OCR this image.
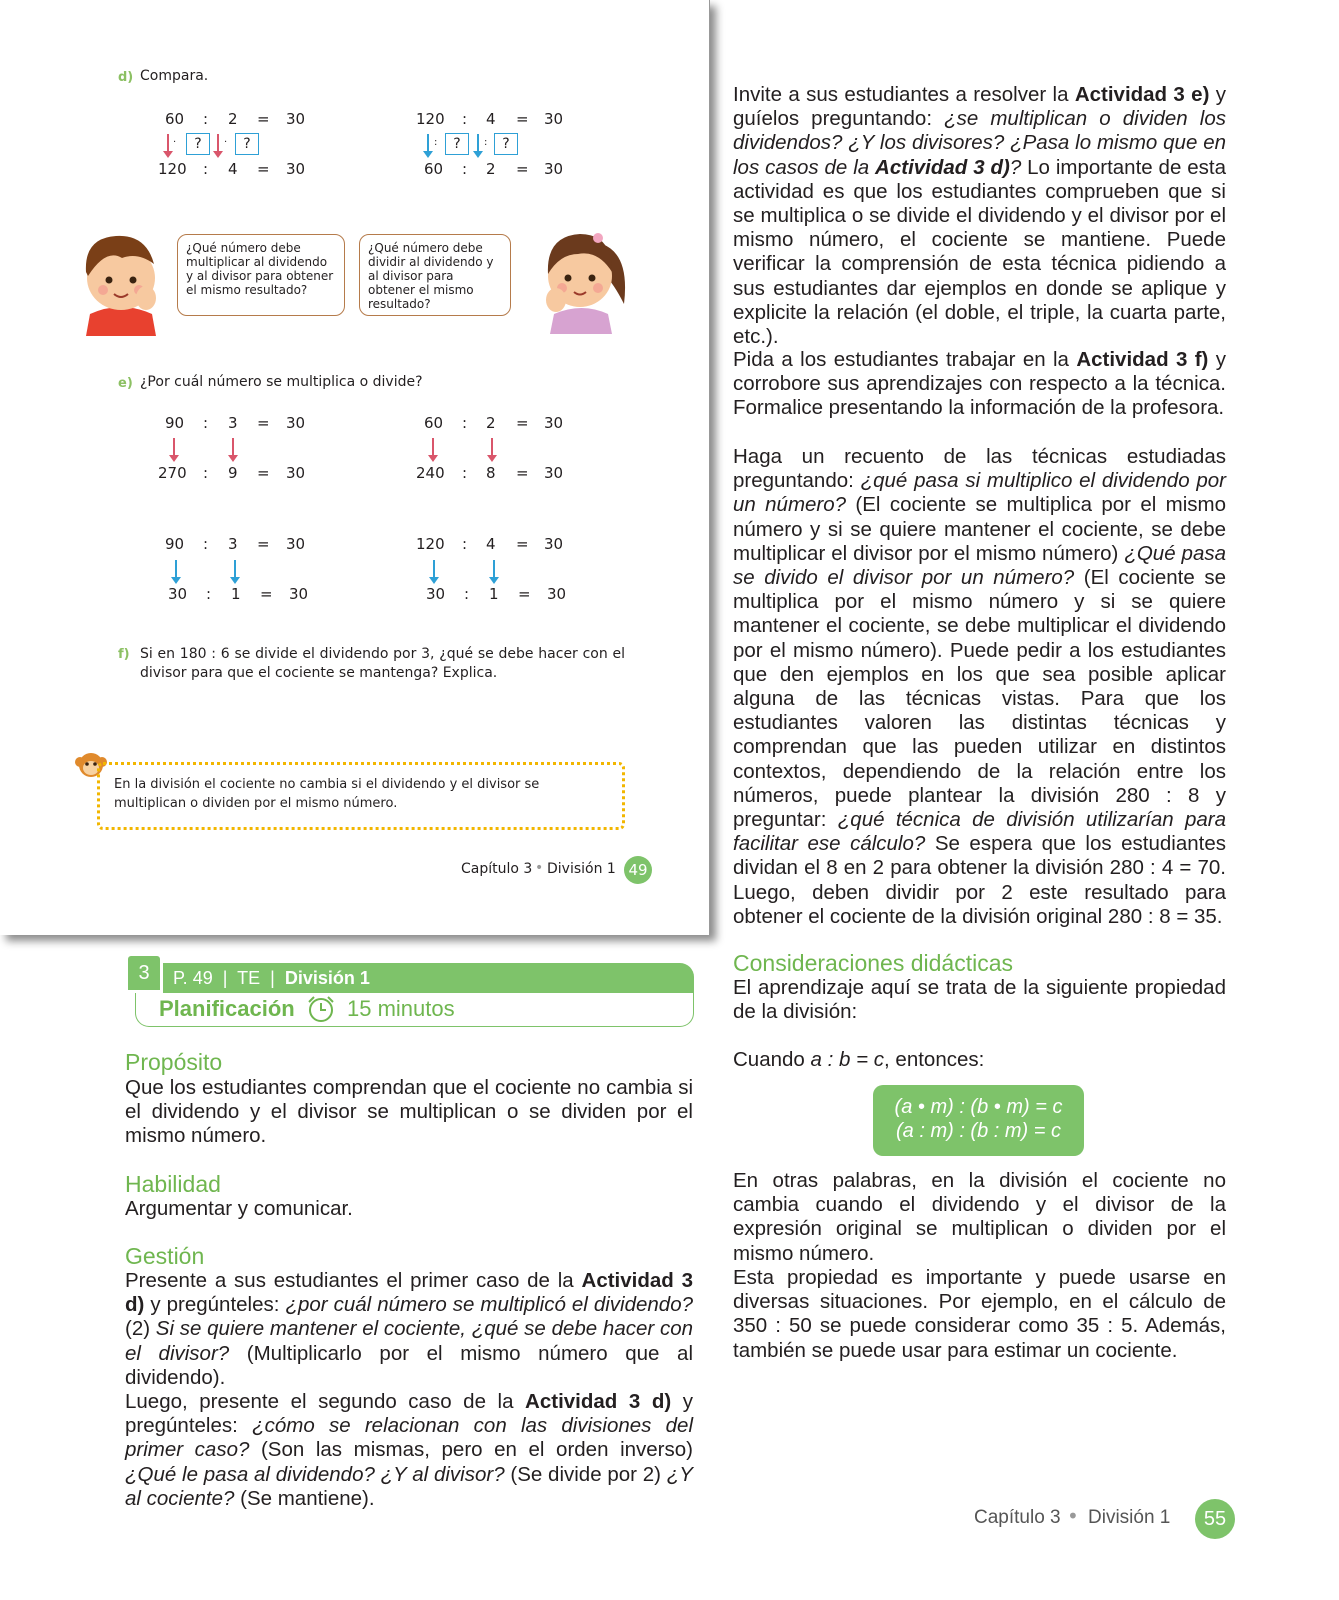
d) Compara.
60 : 2 = 30
·	?	·	?
120 : 4 = 30
120 : 4 = 30
:	?	:	?
60 : 2 = 30
¿Qué número debe multiplicar al dividendo y al divisor para obtener el mismo resultado?
¿Qué número debe dividir al dividendo y al divisor para obtener el mismo resultado?
e) ¿Por cuál número se multiplica o divide?
90 : 3 = 30
270 : 9 = 30
60 : 2 = 30
240 : 8 = 30
90 : 3 = 30
30 : 1 = 30
120 : 4 = 30
30 : 1 = 30
f) Si en 180 : 6 se divide el dividendo por 3, ¿qué se debe hacer con el divisor para que el cociente se mantenga? Explica.
En la división el cociente no cambia si el dividendo y el divisor se multiplican o dividen por el mismo número.
Capítulo 3 • División 1 49
3	P. 49 | TE | División 1
Planificación 15 minutos
Propósito
Que los estudiantes comprendan que el cociente no cambia si el dividendo y el divisor se multiplican o se dividen por el mismo número.
Habilidad
Argumentar y comunicar.
Gestión
Presente a sus estudiantes el primer caso de la Actividad 3 d) y pregúnteles: ¿por cuál número se multiplicó el dividendo? (2) Si se quiere mantener el cociente, ¿qué se debe hacer con el divisor? (Multiplicarlo por el mismo número que al dividendo).
Luego, presente el segundo caso de la Actividad 3 d) y pregúnteles: ¿cómo se relacionan con las divisiones del primer caso? (Son las mismas, pero en el orden inverso) ¿Qué le pasa al dividendo? ¿Y al divisor? (Se divide por 2) ¿Y al cociente? (Se mantiene).
Invite a sus estudiantes a resolver la Actividad 3 e) y guíelos preguntando: ¿se multiplican o dividen los dividendos? ¿Y los divisores? ¿Pasa lo mismo que en los casos de la Actividad 3 d)? Lo importante de esta actividad es que los estudiantes comprueben que si se multiplica o se divide el dividendo y el divisor por el mismo número, el cociente se mantiene. Puede verificar la comprensión de esta técnica pidiendo a sus estudiantes dar ejemplos en donde se aplique y explicite la relación (el doble, el triple, la cuarta parte, etc.).
Pida a los estudiantes trabajar en la Actividad 3 f) y corrobore sus aprendizajes con respecto a la técnica. Formalice presentando la información de la profesora.
Haga un recuento de las técnicas estudiadas preguntando: ¿qué pasa si multiplico el dividendo por un número? (El cociente se multiplica por el mismo número y si se quiere mantener el cociente, se debe multiplicar el divisor por el mismo número) ¿Qué pasa se divido el divisor por un número? (El cociente se multiplica por el mismo número y si se quiere mantener el cociente, se debe multiplicar el dividendo por el mismo número). Puede pedir a los estudiantes que den ejemplos en los que sea posible aplicar alguna de las técnicas vistas. Para que los estudiantes valoren las distintas técnicas y comprendan que las pueden utilizar en distintos contextos, dependiendo de la relación entre los números, puede plantear la división 280 : 8 y preguntar: ¿qué técnica de división utilizarían para facilitar ese cálculo? Se espera que los estudiantes dividan el 8 en 2 para obtener la división 280 : 4 = 70. Luego, deben dividir por 2 este resultado para obtener el cociente de la división original 280 : 8 = 35.
Consideraciones didácticas
El aprendizaje aquí se trata de la siguiente propiedad de la división:
Cuando a : b = c, entonces:
(a • m) : (b • m) = c
(a : m) : (b : m) = c
En otras palabras, en la división el cociente no cambia cuando el dividendo y el divisor de la expresión original se multiplican o dividen por el mismo número.
Esta propiedad es importante y puede usarse en diversas situaciones. Por ejemplo, en el cálculo de 350 : 50 se puede considerar como 35 : 5. Además, también se puede usar para estimar un cociente.
Capítulo 3 • División 1	55
